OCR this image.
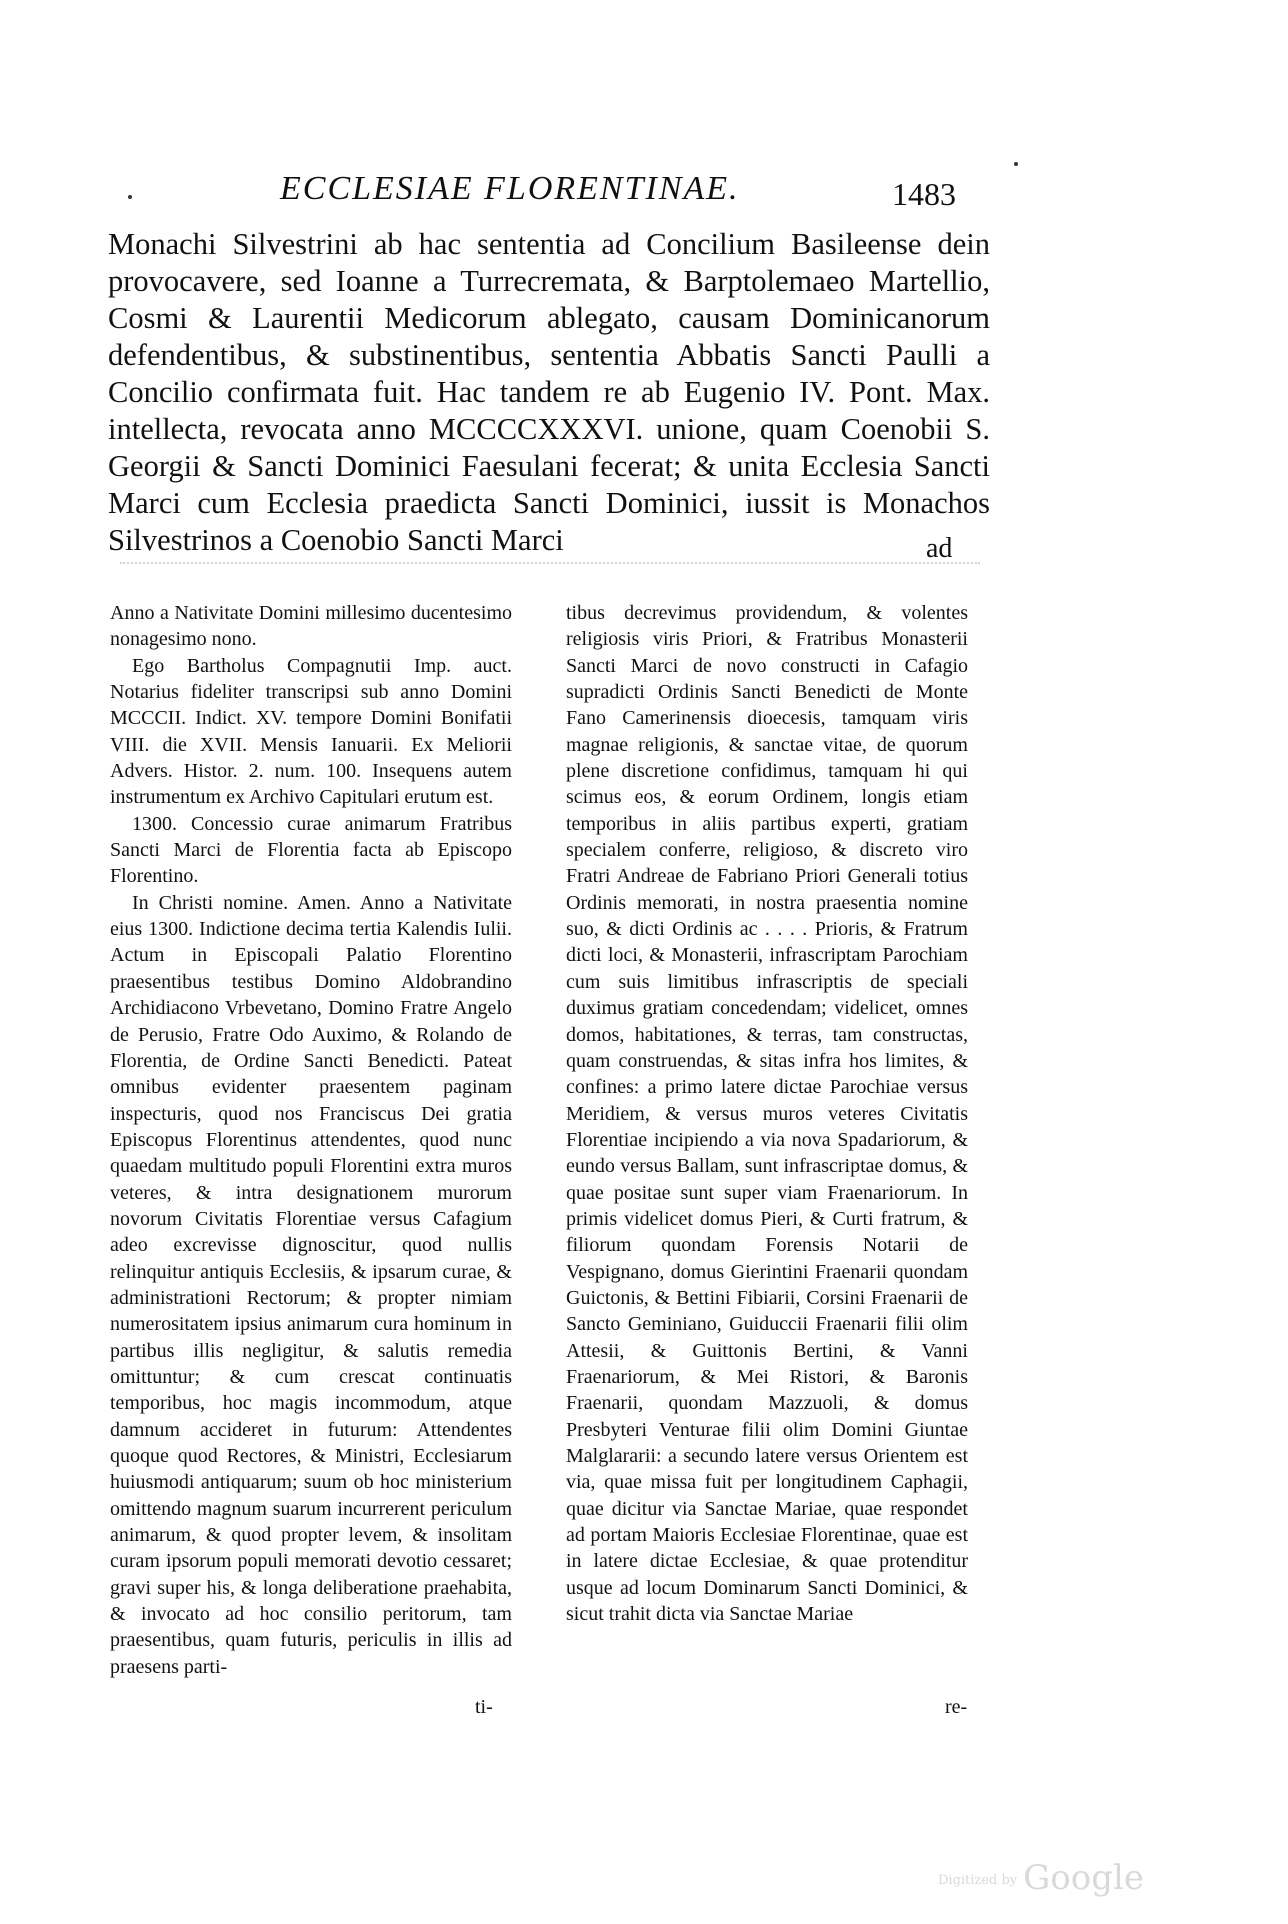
ECCLESIAE FLORENTINAE.	1483

Monachi Silvestrini ab hac sententia ad Concilium Basileense dein provocavere, sed Ioanne a Turrecremata, & Barptolemaeo Martellio, Cosmi & Laurentii Medicorum ablegato, causam Dominicanorum defendentibus, & substinentibus, sententia Abbatis Sancti Paulli a Concilio confirmata fuit. Hac tandem re ab Eugenio IV. Pont. Max. intellecta, revocata anno MCCCCXXXVI. unione, quam Coenobii S. Georgii & Sancti Dominici Faesulani fecerat; & unita Ecclesia Sancti Marci cum Ecclesia praedicta Sancti Dominici, iussit is Monachos Silvestrinos a Coenobio Sancti Marci	ad

Anno a Nativitate Domini millesimo ducentesimo nonagesimo nono.

Ego Bartholus Compagnutii Imp. auct. Notarius fideliter transcripsi sub anno Domini MCCCII. Indict. XV. tempore Domini Bonifatii VIII. die XVII. Mensis Ianuarii. Ex Meliorii Advers. Histor. 2. num. 100. Insequens autem instrumentum ex Archivo Capitulari erutum est.

1300. Concessio curae animarum Fratribus Sancti Marci de Florentia facta ab Episcopo Florentino.

In Christi nomine. Amen. Anno a Nativitate eius 1300. Indictione decima tertia Kalendis Iulii. Actum in Episcopali Palatio Florentino praesentibus testibus Domino Aldobrandino Archidiacono Vrbevetano, Domino Fratre Angelo de Perusio, Fratre Odo Auximo, & Rolando de Florentia, de Ordine Sancti Benedicti. Pateat omnibus evidenter praesentem paginam inspecturis, quod nos Franciscus Dei gratia Episcopus Florentinus attendentes, quod nunc quaedam multitudo populi Florentini extra muros veteres, & intra designationem murorum novorum Civitatis Florentiae versus Cafagium adeo excrevisse dignoscitur, quod nullis relinquitur antiquis Ecclesiis, & ipsarum curae, & administrationi Rectorum; & propter nimiam numerositatem ipsius animarum cura hominum in partibus illis negligitur, & salutis remedia omittuntur; & cum crescat continuatis temporibus, hoc magis incommodum, atque damnum accideret in futurum: Attendentes quoque quod Rectores, & Ministri, Ecclesiarum huiusmodi antiquarum; suum ob hoc ministerium omittendo magnum suarum incurrerent periculum animarum, & quod propter levem, & insolitam curam ipsorum populi memorati devotio cessaret; gravi super his, & longa deliberatione praehabita, & invocato ad hoc consilio peritorum, tam praesentibus, quam futuris, periculis in illis ad praesens parti-

ti-

tibus decrevimus providendum, & volentes religiosis viris Priori, & Fratribus Monasterii Sancti Marci de novo constructi in Cafagio supradicti Ordinis Sancti Benedicti de Monte Fano Camerinensis dioecesis, tamquam viris magnae religionis, & sanctae vitae, de quorum plene discretione confidimus, tamquam hi qui scimus eos, & eorum Ordinem, longis etiam temporibus in aliis partibus experti, gratiam specialem conferre, religioso, & discreto viro Fratri Andreae de Fabriano Priori Generali totius Ordinis memorati, in nostra praesentia nomine suo, & dicti Ordinis ac . . . . Prioris, & Fratrum dicti loci, & Monasterii, infrascriptam Parochiam cum suis limitibus infrascriptis de speciali duximus gratiam concedendam; videlicet, omnes domos, habitationes, & terras, tam constructas, quam construendas, & sitas infra hos limites, & confines: a primo latere dictae Parochiae versus Meridiem, & versus muros veteres Civitatis Florentiae incipiendo a via nova Spadariorum, & eundo versus Ballam, sunt infrascriptae domus, & quae positae sunt super viam Fraenariorum. In primis videlicet domus Pieri, & Curti fratrum, & filiorum quondam Forensis Notarii de Vespignano, domus Gierintini Fraenarii quondam Guictonis, & Bettini Fibiarii, Corsini Fraenarii de Sancto Geminiano, Guiduccii Fraenarii filii olim Attesii, & Guittonis Bertini, & Vanni Fraenariorum, & Mei Ristori, & Baronis Fraenarii, quondam Mazzuoli, & domus Presbyteri Venturae filii olim Domini Giuntae Malglararii: a secundo latere versus Orientem est via, quae missa fuit per longitudinem Caphagii, quae dicitur via Sanctae Mariae, quae respondet ad portam Maioris Ecclesiae Florentinae, quae est in latere dictae Ecclesiae, & quae protenditur usque ad locum Dominarum Sancti Dominici, & sicut trahit dicta via Sanctae Mariae

re-
Digitized by Google
